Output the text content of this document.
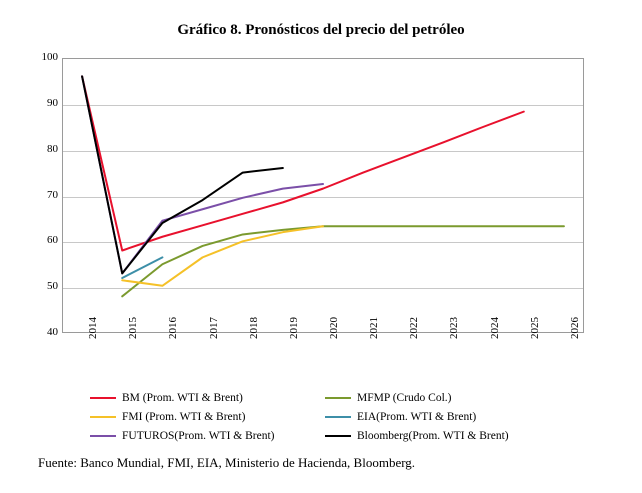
Gráfico 8. Pronósticos del precio del petróleo
40
50
60
70
80
90
100
2014	2015	2016	2017	2018	2019	2020	2021	2022	2023	2024	2025	2026
BM (Prom. WTI & Brent)	MFMP (Crudo Col.)
FMI (Prom. WTI & Brent)	EIA(Prom. WTI & Brent)
FUTUROS(Prom. WTI & Brent)	Bloomberg(Prom. WTI & Brent)
Fuente: Banco Mundial, FMI, EIA, Ministerio de Hacienda, Bloomberg.
